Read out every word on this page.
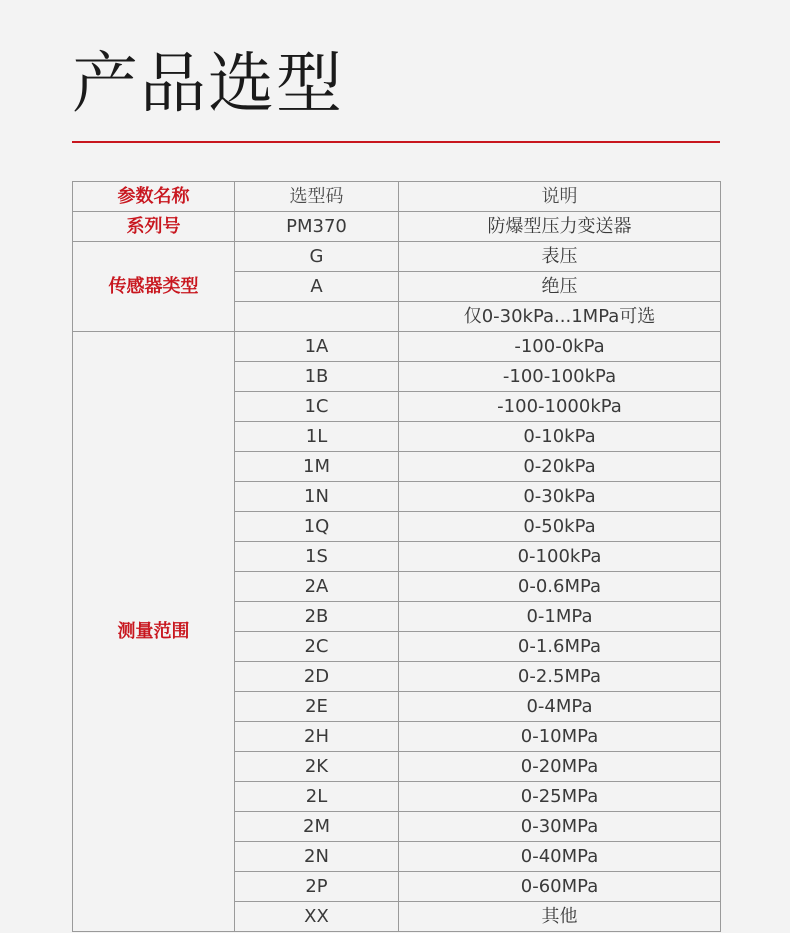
产品选型
参数名称	选型码	说明
系列号	PM370	防爆型压力变送器
传感器类型	G	表压
	A	绝压
		仅0-30kPa...1MPa可选
测量范围	1A	-100-0kPa
	1B	-100-100kPa
	1C	-100-1000kPa
	1L	0-10kPa
	1M	0-20kPa
	1N	0-30kPa
	1Q	0-50kPa
	1S	0-100kPa
	2A	0-0.6MPa
	2B	0-1MPa
	2C	0-1.6MPa
	2D	0-2.5MPa
	2E	0-4MPa
	2H	0-10MPa
	2K	0-20MPa
	2L	0-25MPa
	2M	0-30MPa
	2N	0-40MPa
	2P	0-60MPa
	XX	其他
